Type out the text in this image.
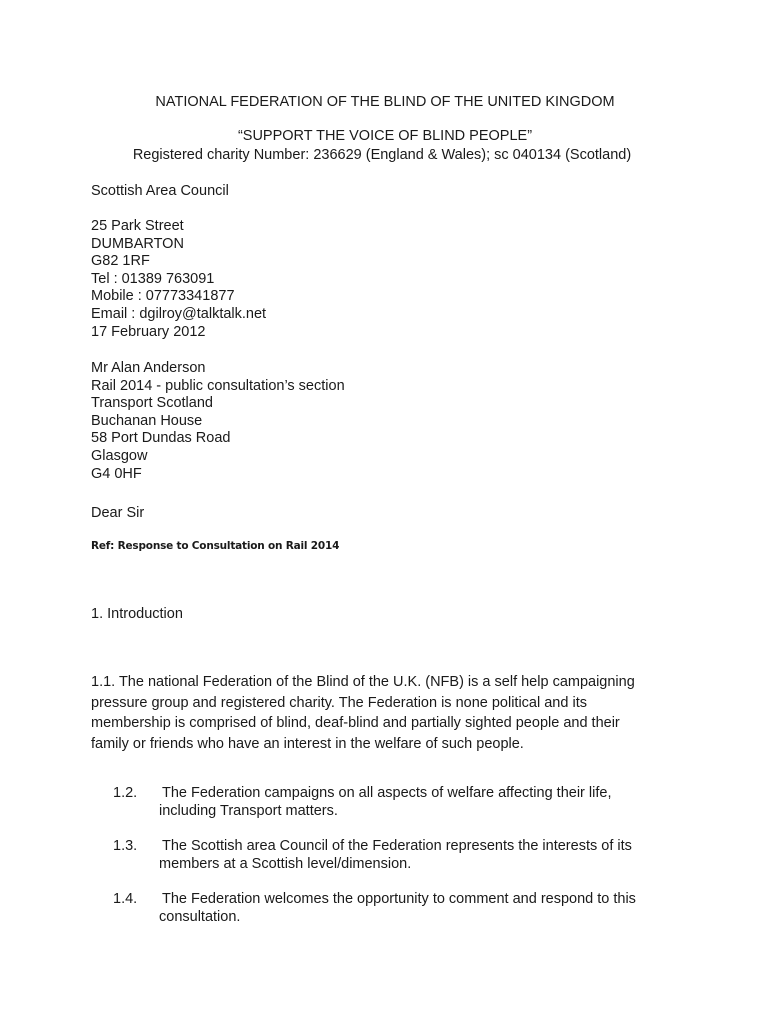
NATIONAL FEDERATION OF THE BLIND OF THE UNITED KINGDOM
“SUPPORT THE VOICE OF BLIND PEOPLE”
Registered charity Number: 236629 (England & Wales); sc 040134 (Scotland)
Scottish Area Council
25 Park Street
DUMBARTON
G82 1RF
Tel : 01389 763091
Mobile : 07773341877
Email : dgilroy@talktalk.net
17 February 2012
Mr Alan Anderson
Rail 2014 - public consultation’s section
Transport Scotland
Buchanan House
58 Port Dundas Road
Glasgow
G4 0HF
Dear Sir
Ref: Response to Consultation on Rail 2014
1. Introduction
1.1. The national Federation of the Blind of the U.K. (NFB) is a self help campaigning
pressure group and registered charity. The Federation is none political and its
membership is comprised of blind, deaf-blind and partially sighted people and their
family or friends who have an interest in the welfare of such people.
1.2.	The Federation campaigns on all aspects of welfare affecting their life,
including Transport matters.
1.3.	The Scottish area Council of the Federation represents the interests of its
members at a Scottish level/dimension.
1.4.	The Federation welcomes the opportunity to comment and respond to this
consultation.
